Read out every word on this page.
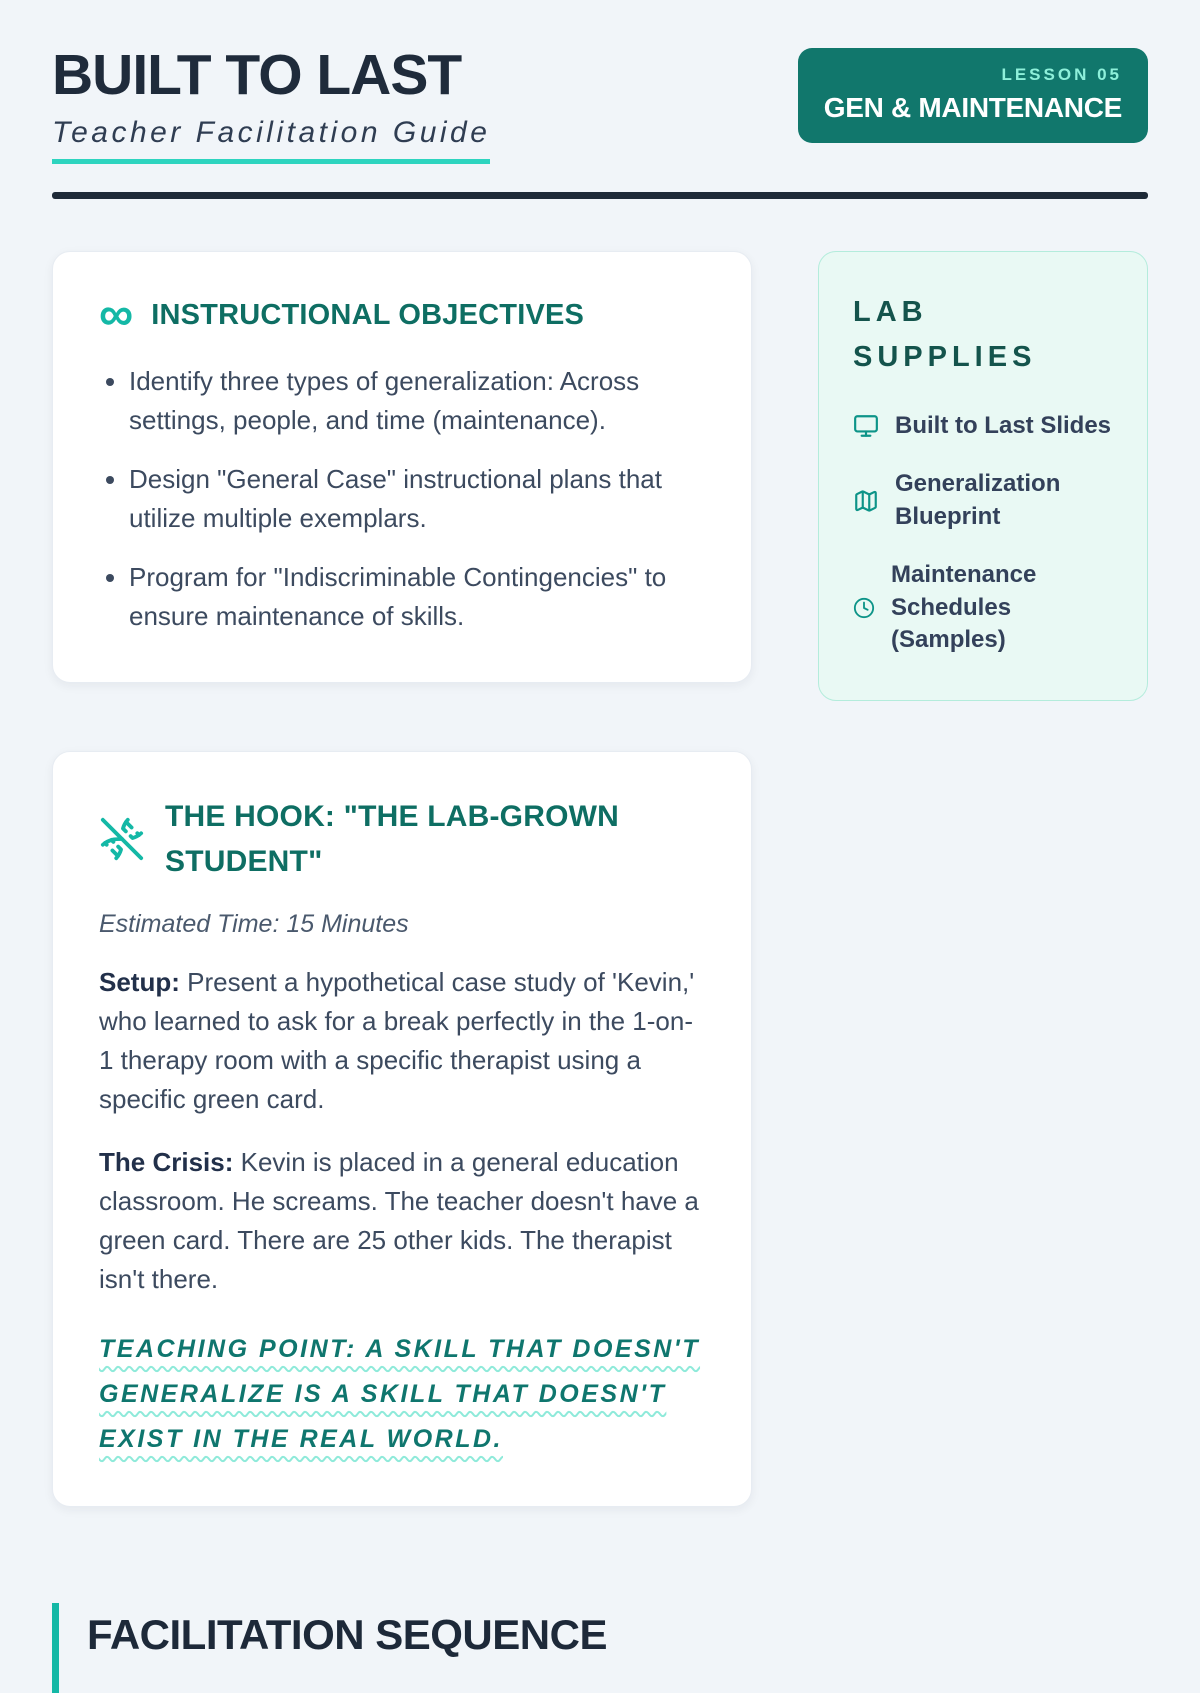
BUILT TO LAST
Teacher Facilitation Guide
LESSON 05
GEN & MAINTENANCE
∞ INSTRUCTIONAL OBJECTIVES
• Identify three types of generalization: Across settings, people, and time (maintenance).
• Design "General Case" instructional plans that utilize multiple exemplars.
• Program for "Indiscriminable Contingencies" to ensure maintenance of skills.
LAB SUPPLIES
Built to Last Slides
Generalization Blueprint
Maintenance Schedules (Samples)
THE HOOK: "THE LAB-GROWN STUDENT"

Estimated Time: 15 Minutes

Setup: Present a hypothetical case study of 'Kevin,' who learned to ask for a break perfectly in the 1-on-1 therapy room with a specific therapist using a specific green card.

The Crisis: Kevin is placed in a general education classroom. He screams. The teacher doesn't have a green card. There are 25 other kids. The therapist isn't there.

TEACHING POINT: A SKILL THAT DOESN'T GENERALIZE IS A SKILL THAT DOESN'T EXIST IN THE REAL WORLD.

FACILITATION SEQUENCE
